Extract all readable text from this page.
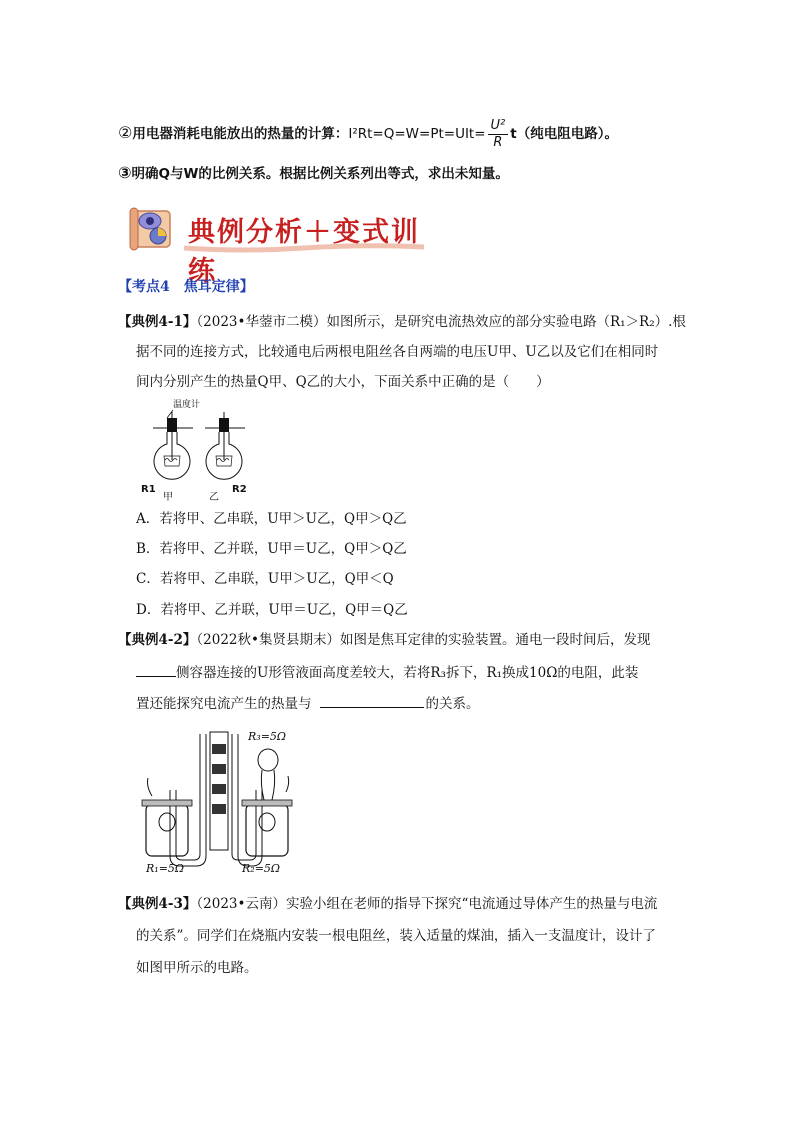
②用电器消耗电能放出的热量的计算：$I^2Rt=Q=W=Pt=UIt= \frac{\text{U²}}{R} t$（纯电阻电路）。
③明确Q与W的比例关系。根据比例关系列出等式，求出未知量。
典例分析＋变式训练
【考点4　焦耳定律】
【典例4-1】（2023•华蓥市二模）如图所示，是研究电流热效应的部分实验电路（R₁＞R₂）.根
据不同的连接方式，比较通电后两根电阻丝各自两端的电压U甲、U乙以及它们在相同时
间内分别产生的热量Q甲、Q乙的大小，下面关系中正确的是（　　）
温度计
R1
甲	乙
R2
A．若将甲、乙串联，U甲＞U乙，Q甲＞Q乙
B．若将甲、乙并联，U甲＝U乙，Q甲＞Q乙
C．若将甲、乙串联，U甲＞U乙，Q甲＜Q
D．若将甲、乙并联，U甲＝U乙，Q甲＝Q乙
【典例4-2】（2022秋•集贤县期末）如图是焦耳定律的实验装置。通电一段时间后，发现
侧容器连接的U形管液面高度差较大，若将R₃拆下，R₁换成10Ω的电阻，此装
置还能探究电流产生的热量与	的关系。
R₃=5Ω
R₁=5Ω	R₂=5Ω
【典例4-3】（2023•云南）实验小组在老师的指导下探究“电流通过导体产生的热量与电流
的关系”。同学们在烧瓶内安装一根电阻丝，装入适量的煤油，插入一支温度计，设计了
如图甲所示的电路。
